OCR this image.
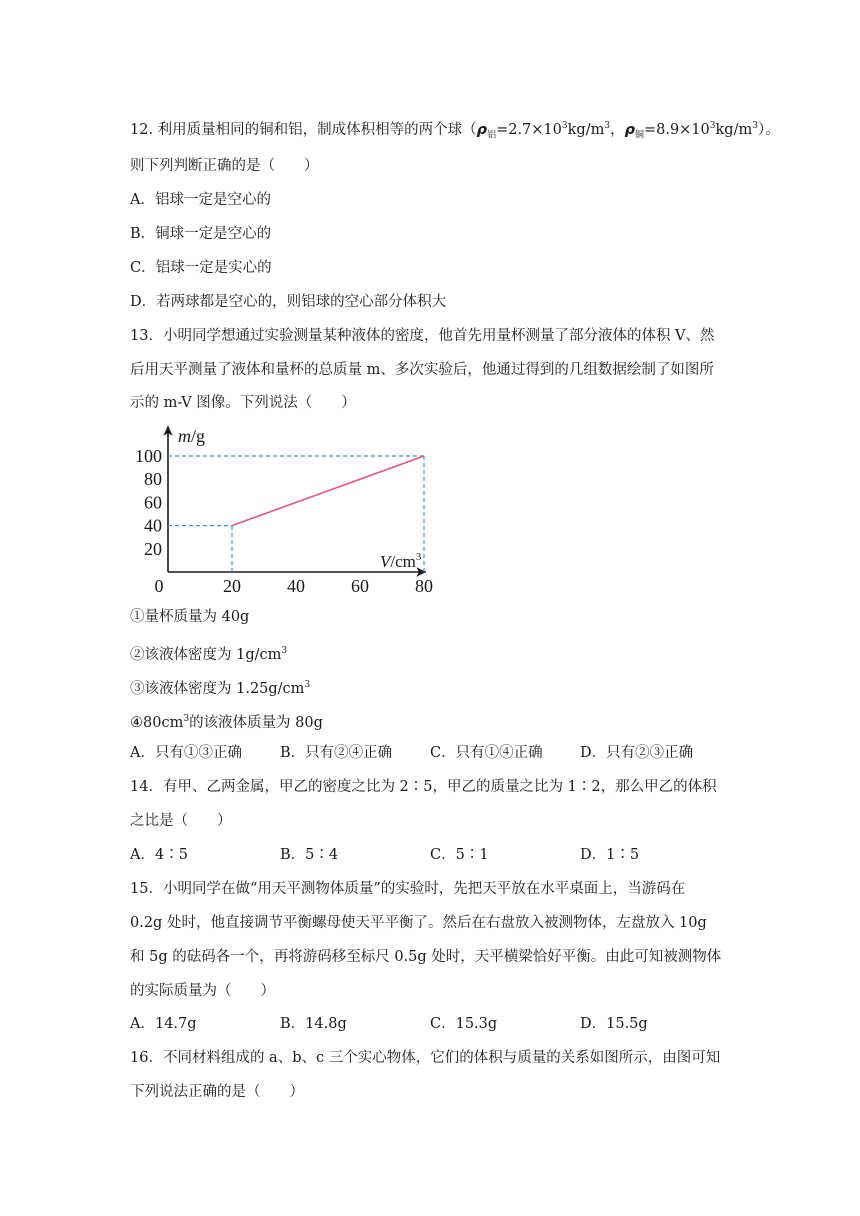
12. 利用质量相同的铜和铝，制成体积相等的两个球（$\rho_铝=2.7\times 10^3kg/m^3$，$\rho_铜=8.9\times 10^3kg/m^3$）。
则下列判断正确的是（　　）
A．铝球一定是空心的
B．铜球一定是空心的
C．铝球一定是实心的
D．若两球都是空心的，则铝球的空心部分体积大
13．小明同学想通过实验测量某种液体的密度，他首先用量杯测量了部分液体的体积 V、然
后用天平测量了液体和量杯的总质量 m、多次实验后，他通过得到的几组数据绘制了如图所
示的 m-V 图像。下列说法（　　）
0	20	40	60	80
20
40
60
80
100
m/g
$V/cm^3$
①量杯质量为 40g
②该液体密度为 $1g/cm^3$
③该液体密度为 $1.25g/cm^3$
$④80cm^3$的该液体质量为 80g
A．只有①③正确	B．只有②④正确	C．只有①④正确	D．只有②③正确
14．有甲、乙两金属，甲乙的密度之比为 2∶5，甲乙的质量之比为 1∶2，那么甲乙的体积
之比是（　　）
A．4∶5	B．5∶4	C．5∶1	D．1∶5
15．小明同学在做“用天平测物体质量”的实验时，先把天平放在水平桌面上，当游码在
0.2g 处时，他直接调节平衡螺母使天平平衡了。然后在右盘放入被测物体，左盘放入 10g
和 5g 的砝码各一个，再将游码移至标尺 0.5g 处时，天平横梁恰好平衡。由此可知被测物体
的实际质量为（　　）
A．14.7g	B．14.8g	C．15.3g	D．15.5g
16．不同材料组成的 a、b、c 三个实心物体，它们的体积与质量的关系如图所示，由图可知
下列说法正确的是（　　）
